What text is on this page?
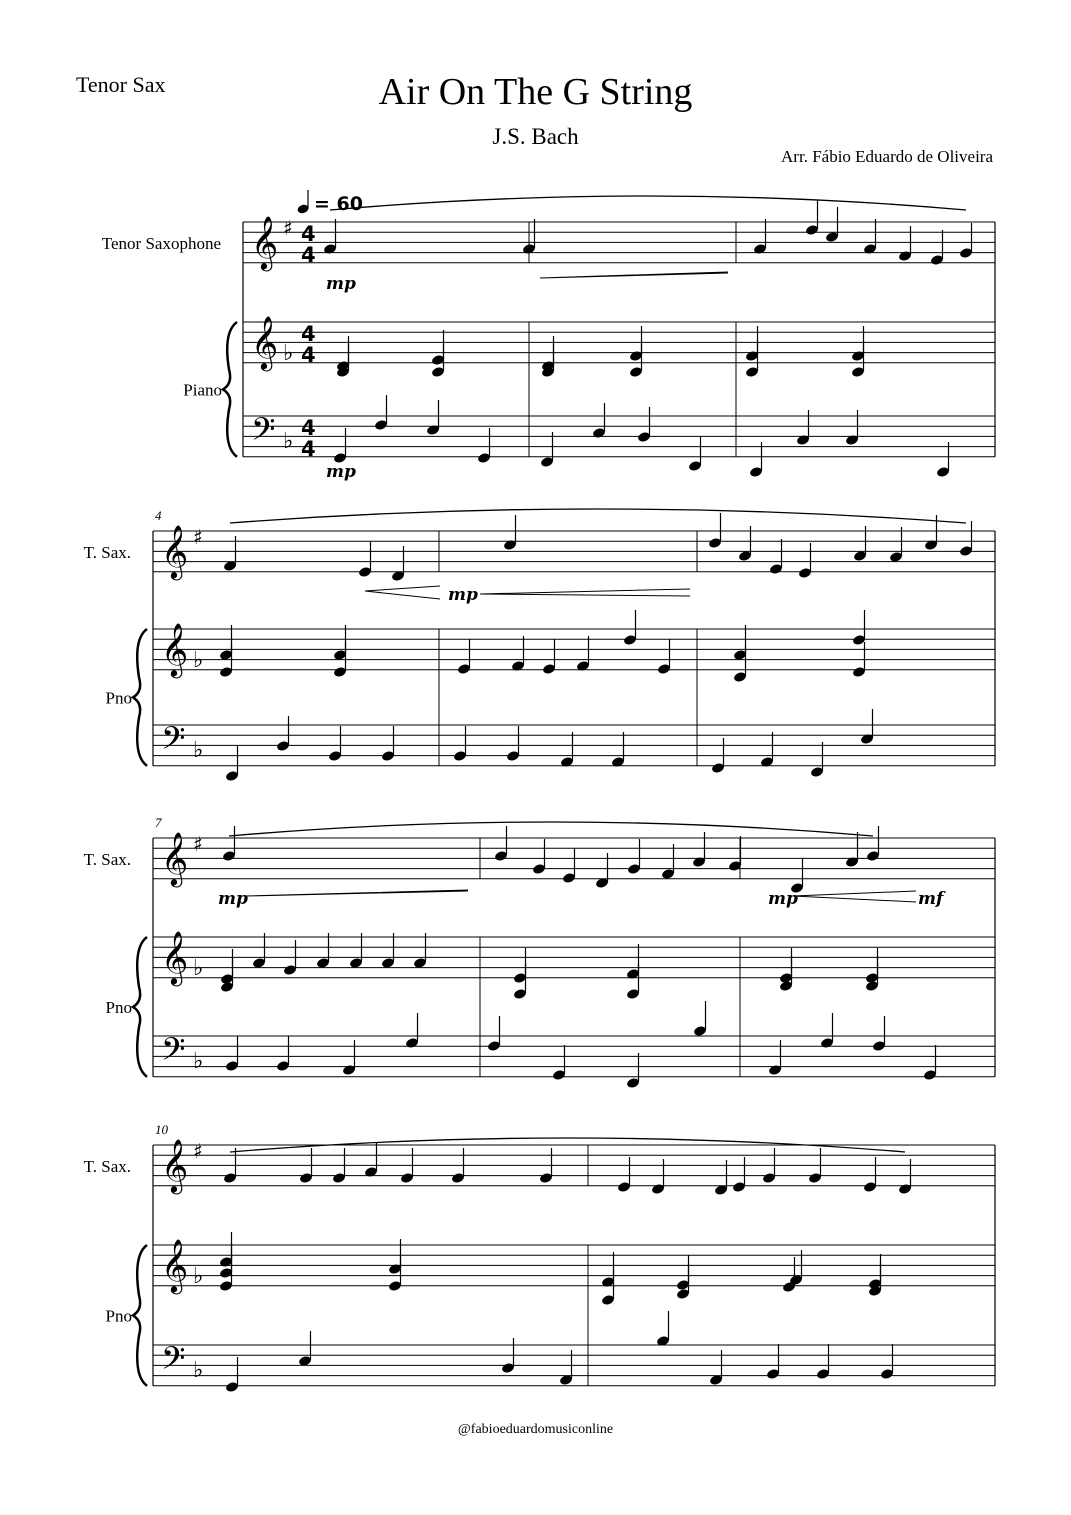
Tenor Sax	Air On The G String
J.S. Bach
Arr. Fábio Eduardo de Oliveira
𝄞 ♯ 4
4
𝄞 ♭
4
4
𝄢 ♭
4
4
Tenor Saxophone
Piano
mp
mp
= 60
𝄞 ♯
𝄞 ♭
𝄢 ♭
T. Sax.
Pno
4
mp
𝄞 ♯
𝄞 ♭
𝄢 ♭
T. Sax.
Pno
7
mp	mp	mf
𝄞 ♯
𝄞 ♭
𝄢 ♭
T. Sax.
Pno
10
@fabioeduardomusiconline
